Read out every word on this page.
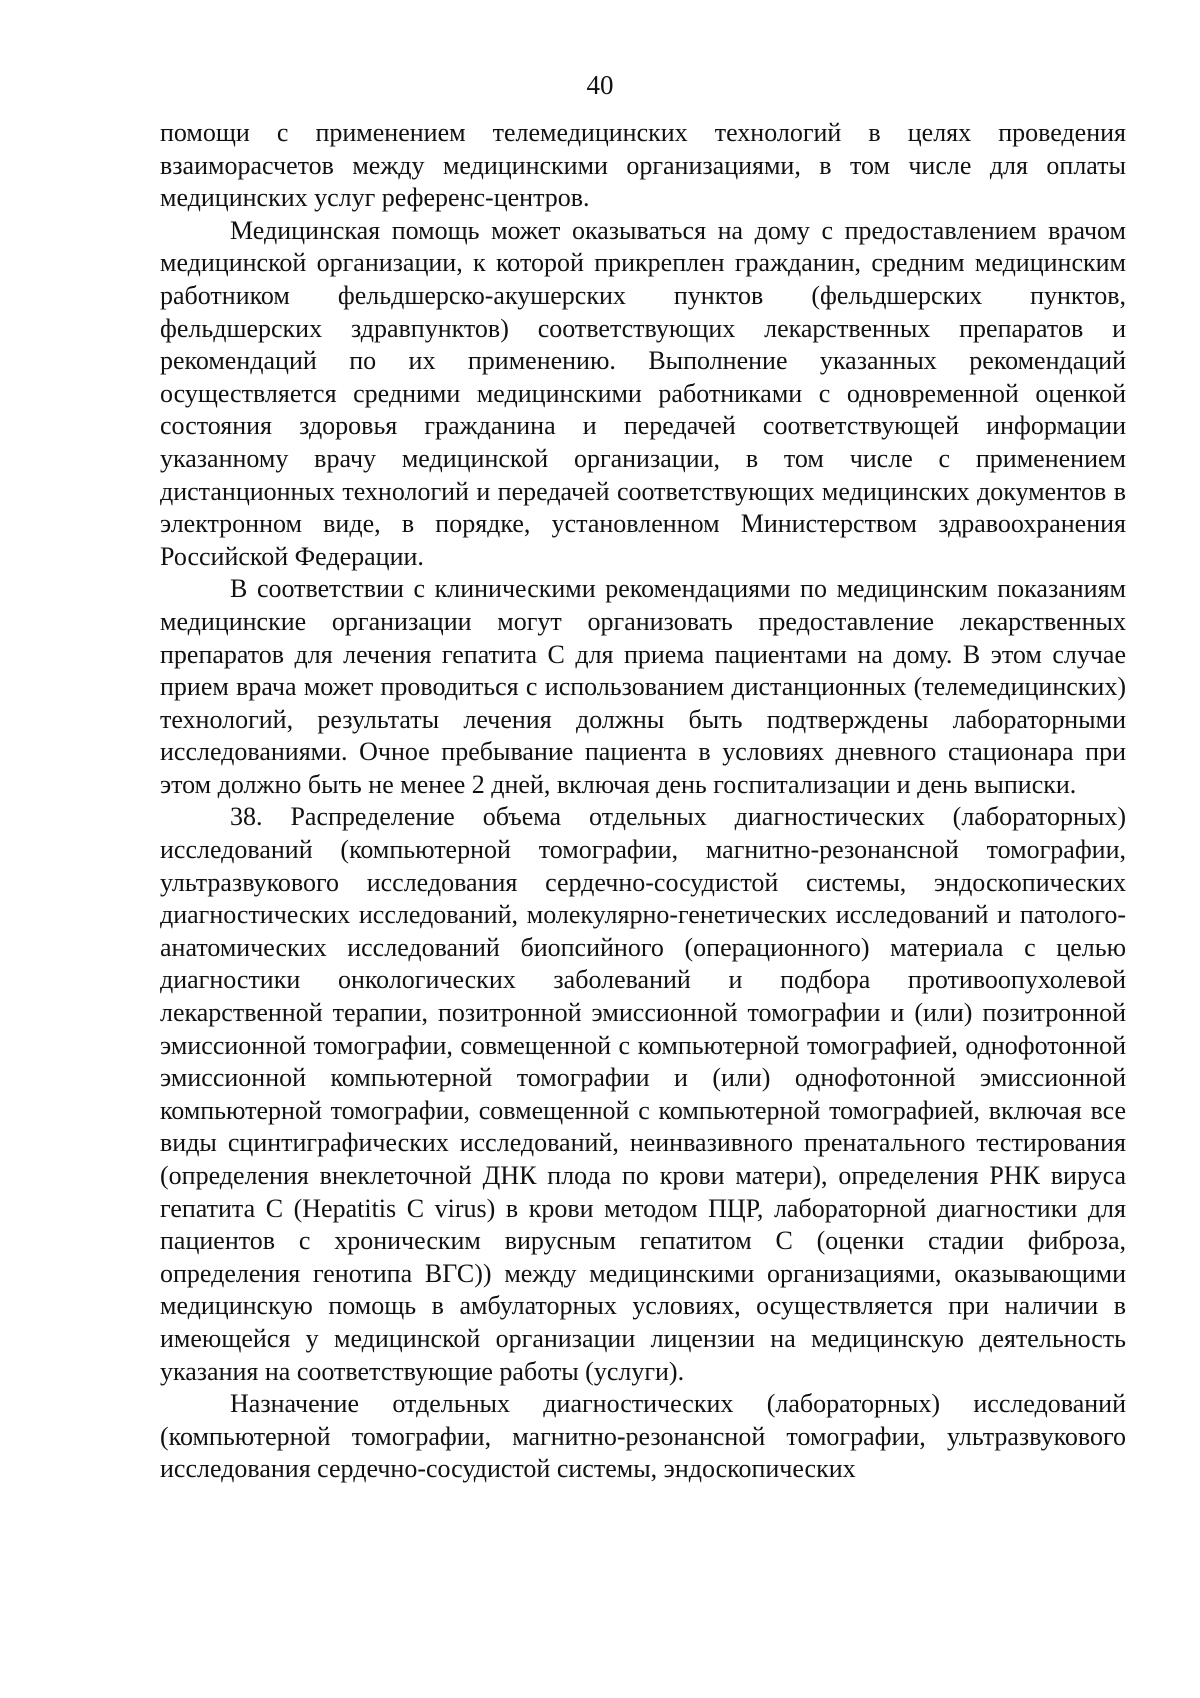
40

помощи с применением телемедицинских технологий в целях проведения взаиморасчетов между медицинскими организациями, в том числе для оплаты медицинских услуг референс-центров.

Медицинская помощь может оказываться на дому с предоставлением врачом медицинской организации, к которой прикреплен гражданин, средним медицинским работником фельдшерско-акушерских пунктов (фельдшерских пунктов, фельдшерских здравпунктов) соответствующих лекарственных препаратов и рекомендаций по их применению. Выполнение указанных рекомендаций осуществляется средними медицинскими работниками с одновременной оценкой состояния здоровья гражданина и передачей соответствующей информации указанному врачу медицинской организации, в том числе с применением дистанционных технологий и передачей соответствующих медицинских документов в электронном виде, в порядке, установленном Министерством здравоохранения Российской Федерации.

В соответствии с клиническими рекомендациями по медицинским показаниям медицинские организации могут организовать предоставление лекарственных препаратов для лечения гепатита С для приема пациентами на дому. В этом случае прием врача может проводиться с использованием дистанционных (телемедицинских) технологий, результаты лечения должны быть подтверждены лабораторными исследованиями. Очное пребывание пациента в условиях дневного стационара при этом должно быть не менее 2 дней, включая день госпитализации и день выписки.

38. Распределение объема отдельных диагностических (лабораторных) исследований (компьютерной томографии, магнитно-резонансной томографии, ультразвукового исследования сердечно-сосудистой системы, эндоскопических диагностических исследований, молекулярно-генетических исследований и патолого-анатомических исследований биопсийного (операционного) материала с целью диагностики онкологических заболеваний и подбора противоопухолевой лекарственной терапии, позитронной эмиссионной томографии и (или) позитронной эмиссионной томографии, совмещенной с компьютерной томографией, однофотонной эмиссионной компьютерной томографии и (или) однофотонной эмиссионной компьютерной томографии, совмещенной с компьютерной томографией, включая все виды сцинтиграфических исследований, неинвазивного пренатального тестирования (определения внеклеточной ДНК плода по крови матери), определения РНК вируса гепатита С (Hepatitis C virus) в крови методом ПЦР, лабораторной диагностики для пациентов с хроническим вирусным гепатитом С (оценки стадии фиброза, определения генотипа ВГС)) между медицинскими организациями, оказывающими медицинскую помощь в амбулаторных условиях, осуществляется при наличии в имеющейся у медицинской организации лицензии на медицинскую деятельность указания на соответствующие работы (услуги).

Назначение отдельных диагностических (лабораторных) исследований (компьютерной томографии, магнитно-резонансной томографии, ультразвукового исследования сердечно-сосудистой системы, эндоскопических
